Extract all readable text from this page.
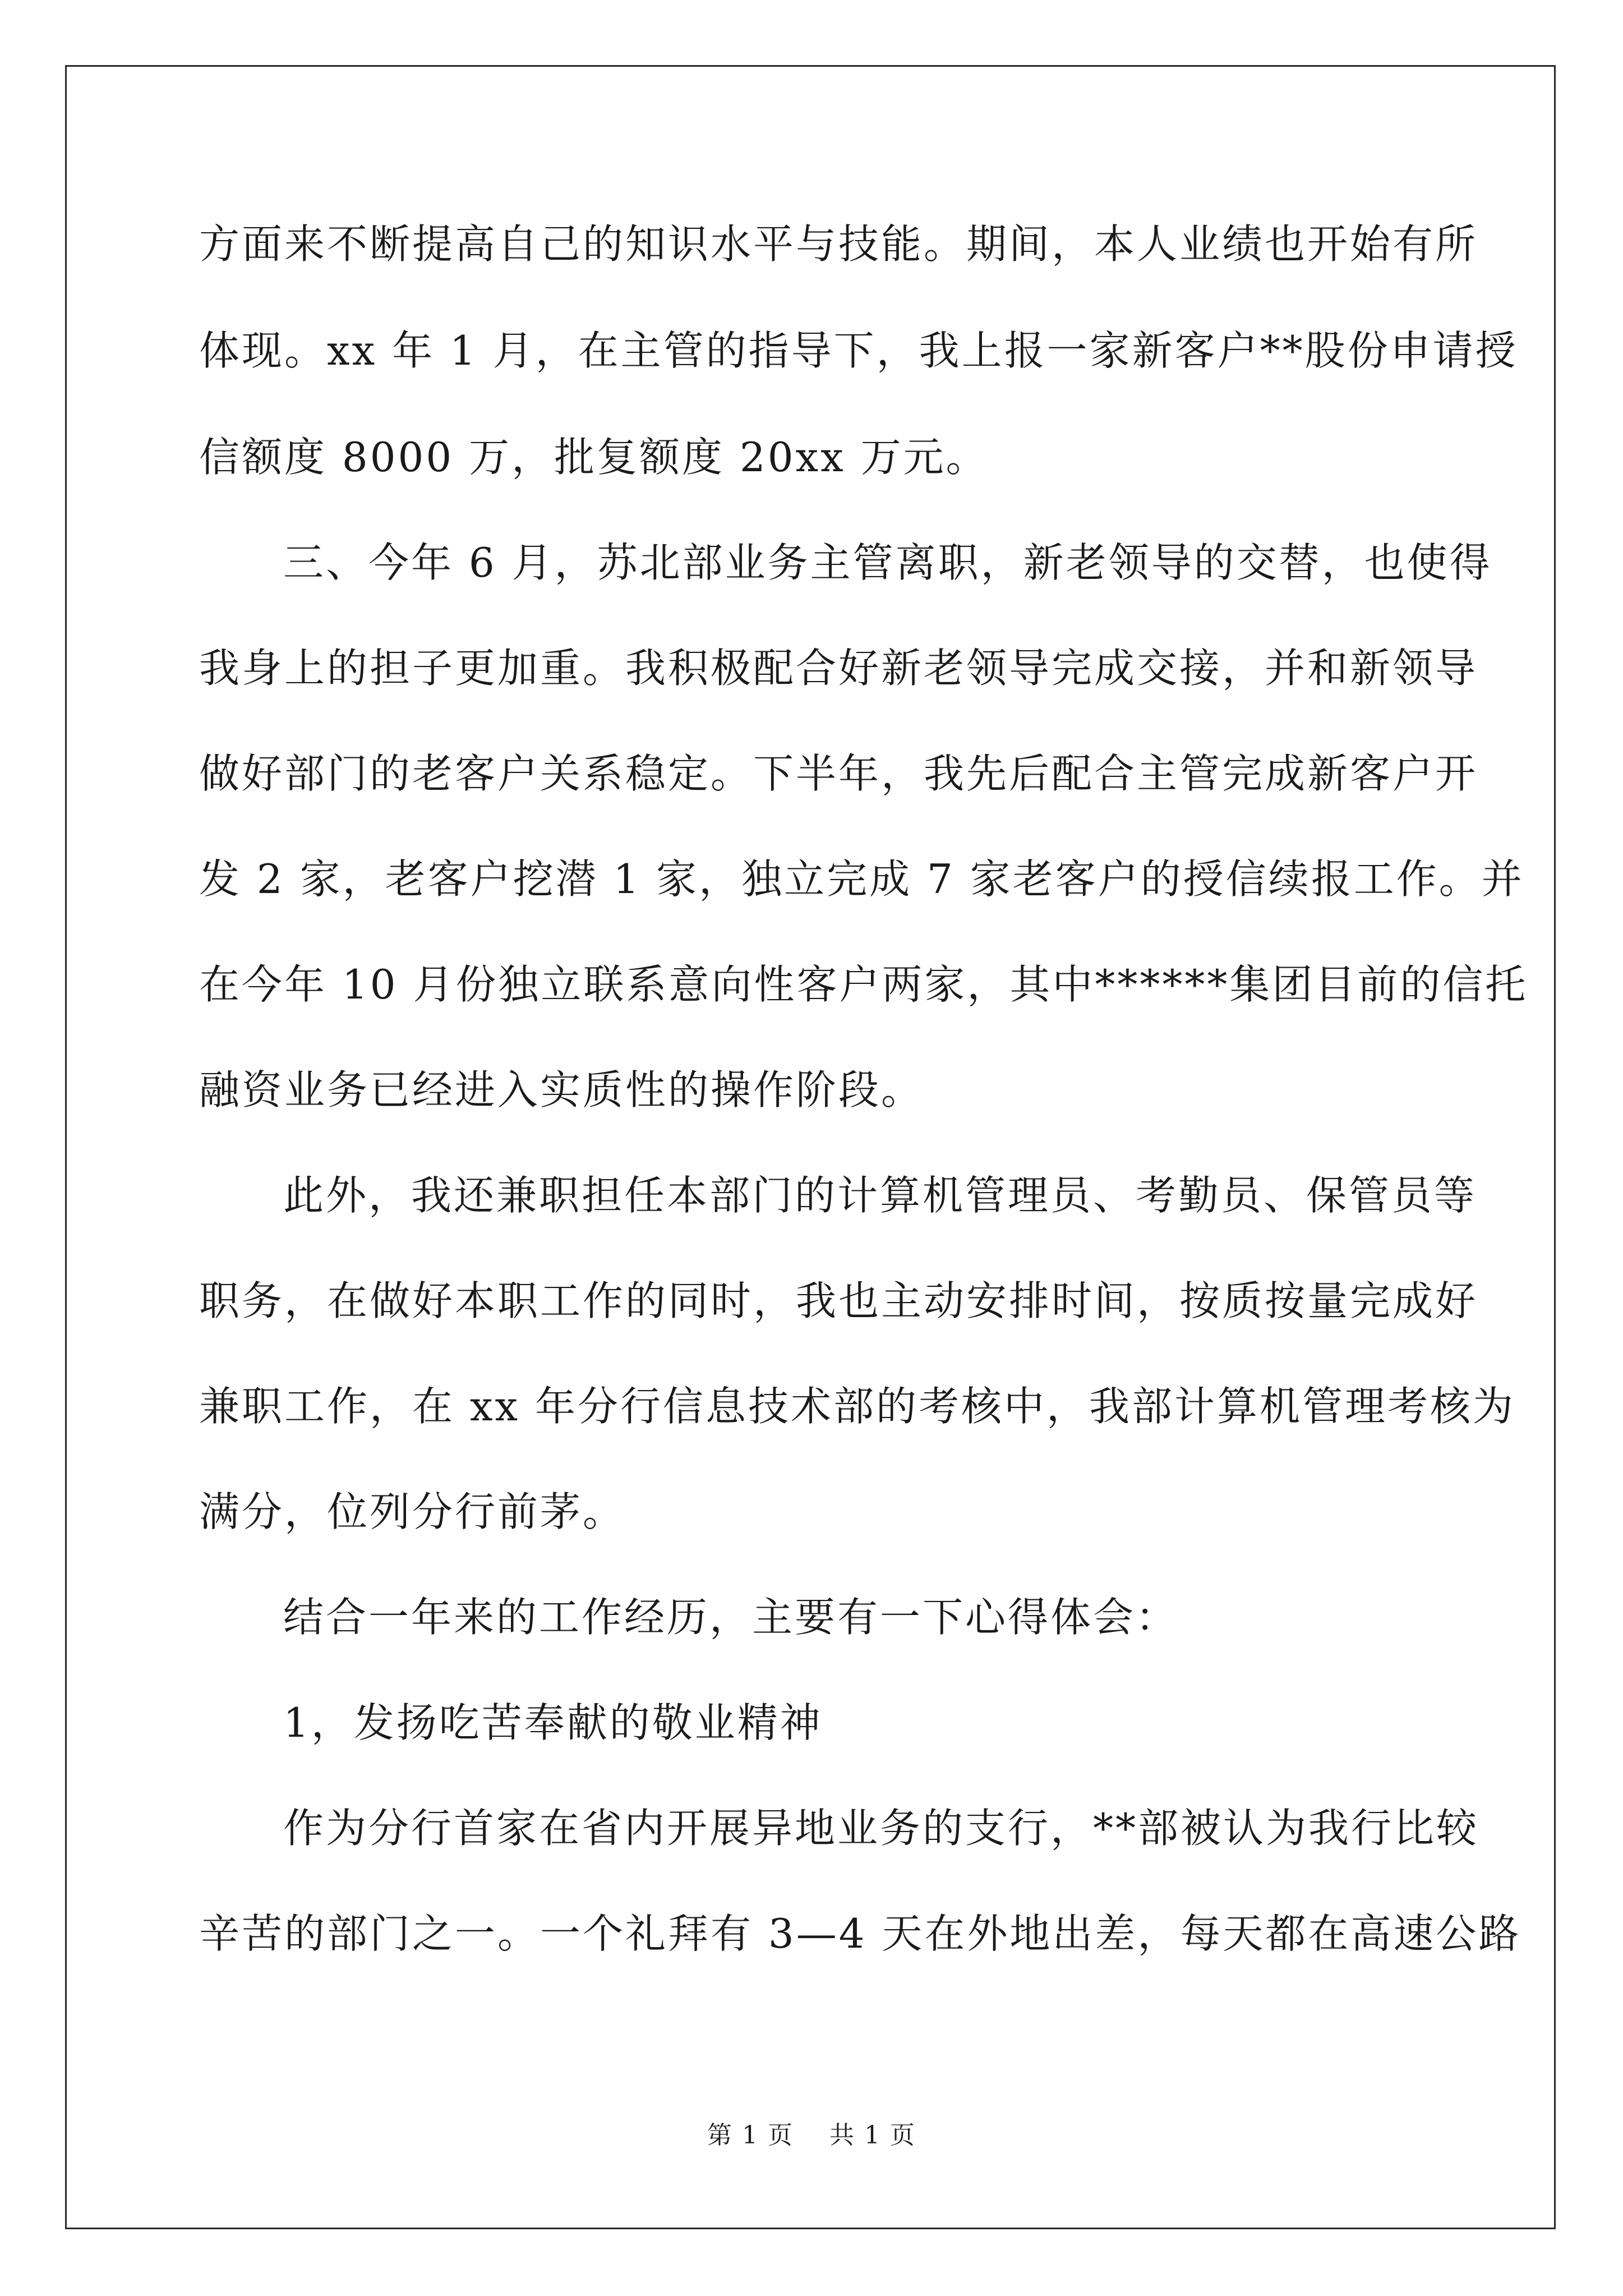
方面来不断提高自己的知识水平与技能。期间，本人业绩也开始有所
体现。xx 年 1 月，在主管的指导下，我上报一家新客户**股份申请授
信额度 8000 万，批复额度 20xx 万元。
三、今年 6 月，苏北部业务主管离职，新老领导的交替，也使得
我身上的担子更加重。我积极配合好新老领导完成交接，并和新领导
做好部门的老客户关系稳定。下半年，我先后配合主管完成新客户开
发 2 家，老客户挖潜 1 家，独立完成 7 家老客户的授信续报工作。并
在今年 10 月份独立联系意向性客户两家，其中******集团目前的信托
融资业务已经进入实质性的操作阶段。
此外，我还兼职担任本部门的计算机管理员、考勤员、保管员等
职务，在做好本职工作的同时，我也主动安排时间，按质按量完成好
兼职工作，在 xx 年分行信息技术部的考核中，我部计算机管理考核为
满分，位列分行前茅。
结合一年来的工作经历，主要有一下心得体会：
1，发扬吃苦奉献的敬业精神
作为分行首家在省内开展异地业务的支行，**部被认为我行比较
辛苦的部门之一。一个礼拜有 3—4 天在外地出差，每天都在高速公路
第 1 页    共 1 页
